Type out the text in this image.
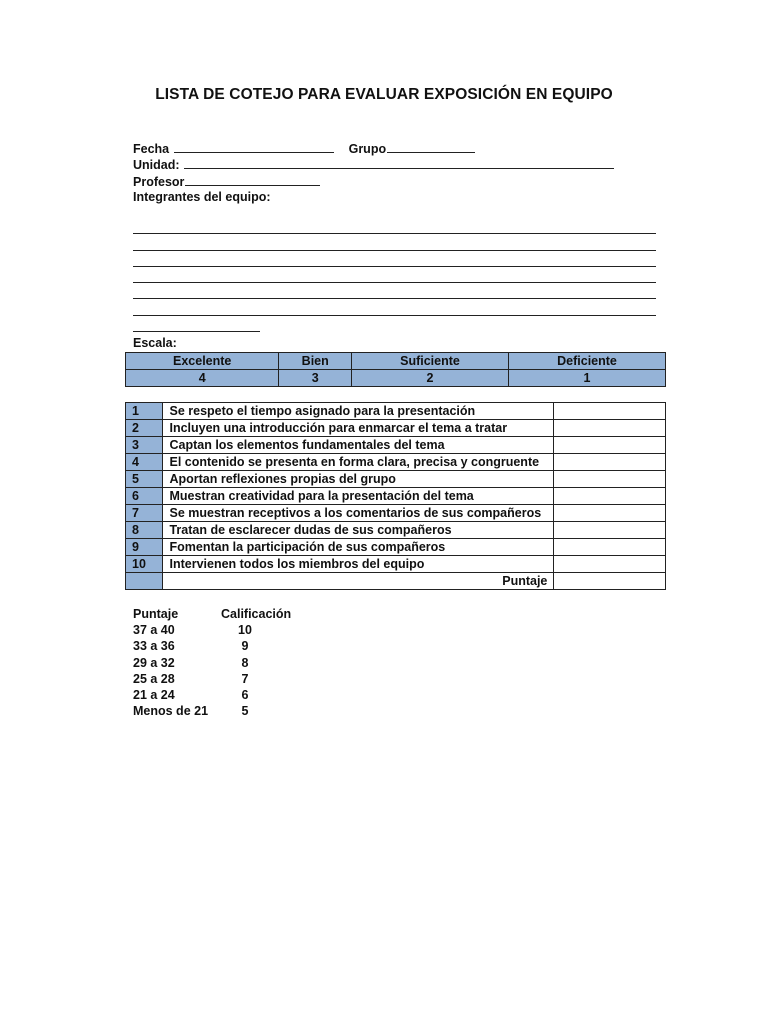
LISTA DE COTEJO PARA EVALUAR EXPOSICIÓN EN EQUIPO
Fecha	Grupo
Unidad:
Profesor
Integrantes del equipo:
Escala:
Excelente	Bien	Suficiente	Deficiente
4	3	2	1
1	Se respeto el tiempo asignado para la presentación	
2	Incluyen una introducción para enmarcar el tema a tratar	
3	Captan los elementos fundamentales del tema	
4	El contenido se presenta en forma clara, precisa y congruente	
5	Aportan reflexiones propias del grupo	
6	Muestran creatividad para la presentación del tema	
7	Se muestran receptivos a los comentarios de sus compañeros	
8	Tratan de esclarecer dudas de sus compañeros	
9	Fomentan la participación de sus compañeros	
10	Intervienen todos los miembros del equipo	
	Puntaje	
Puntaje	Calificación
37 a 40	10
33 a 36	9
29 a 32	8
25 a 28	7
21 a 24	6
Menos de 21	5
